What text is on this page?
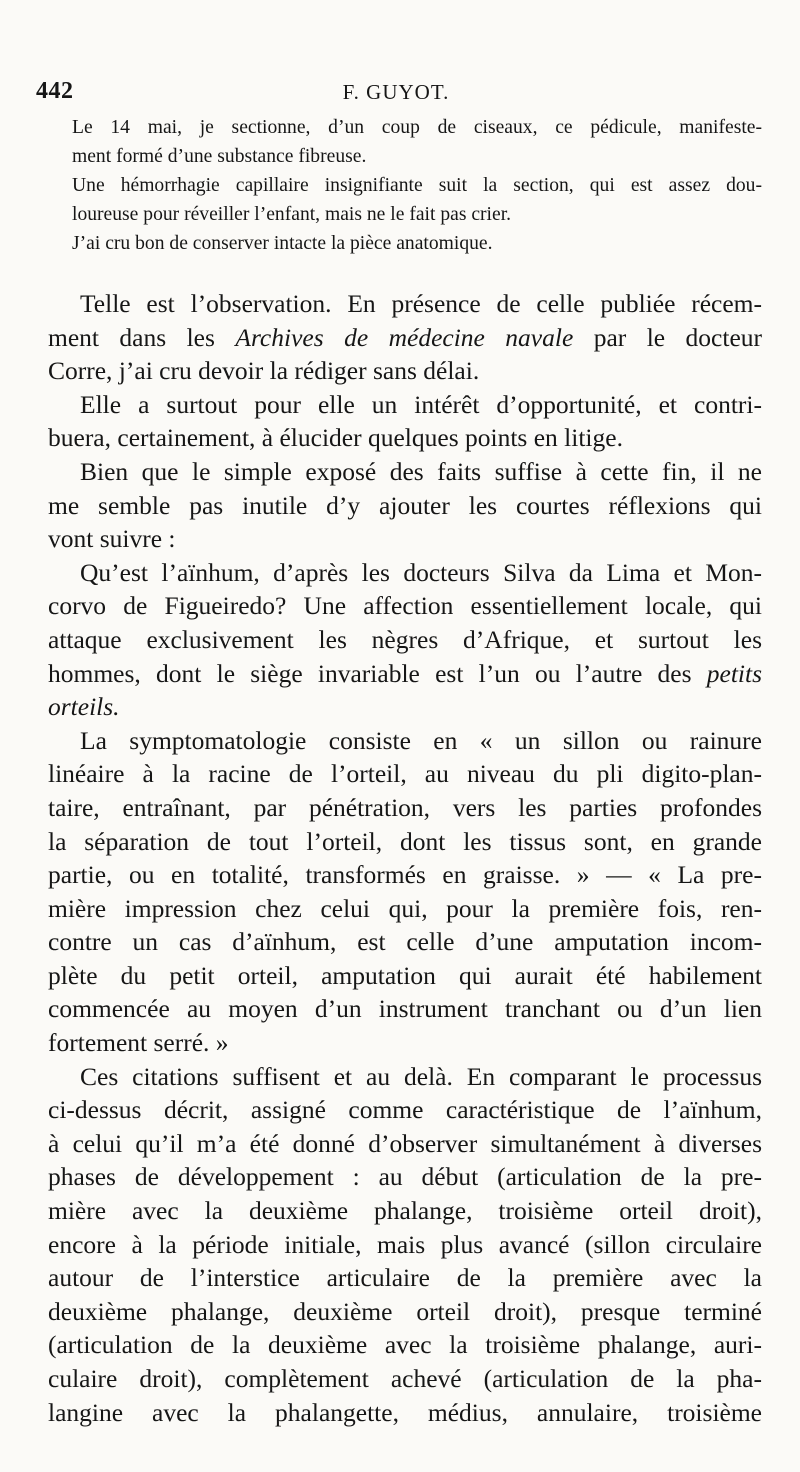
442	F. GUYOT.
Le 14 mai, je sectionne, d’un coup de ciseaux, ce pédicule, manifeste-
ment formé d’une substance fibreuse.
Une hémorrhagie capillaire insignifiante suit la section, qui est assez dou-
loureuse pour réveiller l’enfant, mais ne le fait pas crier.
J’ai cru bon de conserver intacte la pièce anatomique.
Telle est l’observation. En présence de celle publiée récem-
ment dans les Archives de médecine navale par le docteur
Corre, j’ai cru devoir la rédiger sans délai.
Elle a surtout pour elle un intérêt d’opportunité, et contri-
buera, certainement, à élucider quelques points en litige.
Bien que le simple exposé des faits suffise à cette fin, il ne
me semble pas inutile d’y ajouter les courtes réflexions qui
vont suivre :
Qu’est l’aïnhum, d’après les docteurs Silva da Lima et Mon-
corvo de Figueiredo? Une affection essentiellement locale, qui
attaque exclusivement les nègres d’Afrique, et surtout les
hommes, dont le siège invariable est l’un ou l’autre des petits
orteils.
La symptomatologie consiste en « un sillon ou rainure
linéaire à la racine de l’orteil, au niveau du pli digito-plan-
taire, entraînant, par pénétration, vers les parties profondes
la séparation de tout l’orteil, dont les tissus sont, en grande
partie, ou en totalité, transformés en graisse. » — « La pre-
mière impression chez celui qui, pour la première fois, ren-
contre un cas d’aïnhum, est celle d’une amputation incom-
plète du petit orteil, amputation qui aurait été habilement
commencée au moyen d’un instrument tranchant ou d’un lien
fortement serré. »
Ces citations suffisent et au delà. En comparant le processus
ci-dessus décrit, assigné comme caractéristique de l’aïnhum,
à celui qu’il m’a été donné d’observer simultanément à diverses
phases de développement : au début (articulation de la pre-
mière avec la deuxième phalange, troisième orteil droit),
encore à la période initiale, mais plus avancé (sillon circulaire
autour de l’interstice articulaire de la première avec la
deuxième phalange, deuxième orteil droit), presque terminé
(articulation de la deuxième avec la troisième phalange, auri-
culaire droit), complètement achevé (articulation de la pha-
langine avec la phalangette, médius, annulaire, troisième
